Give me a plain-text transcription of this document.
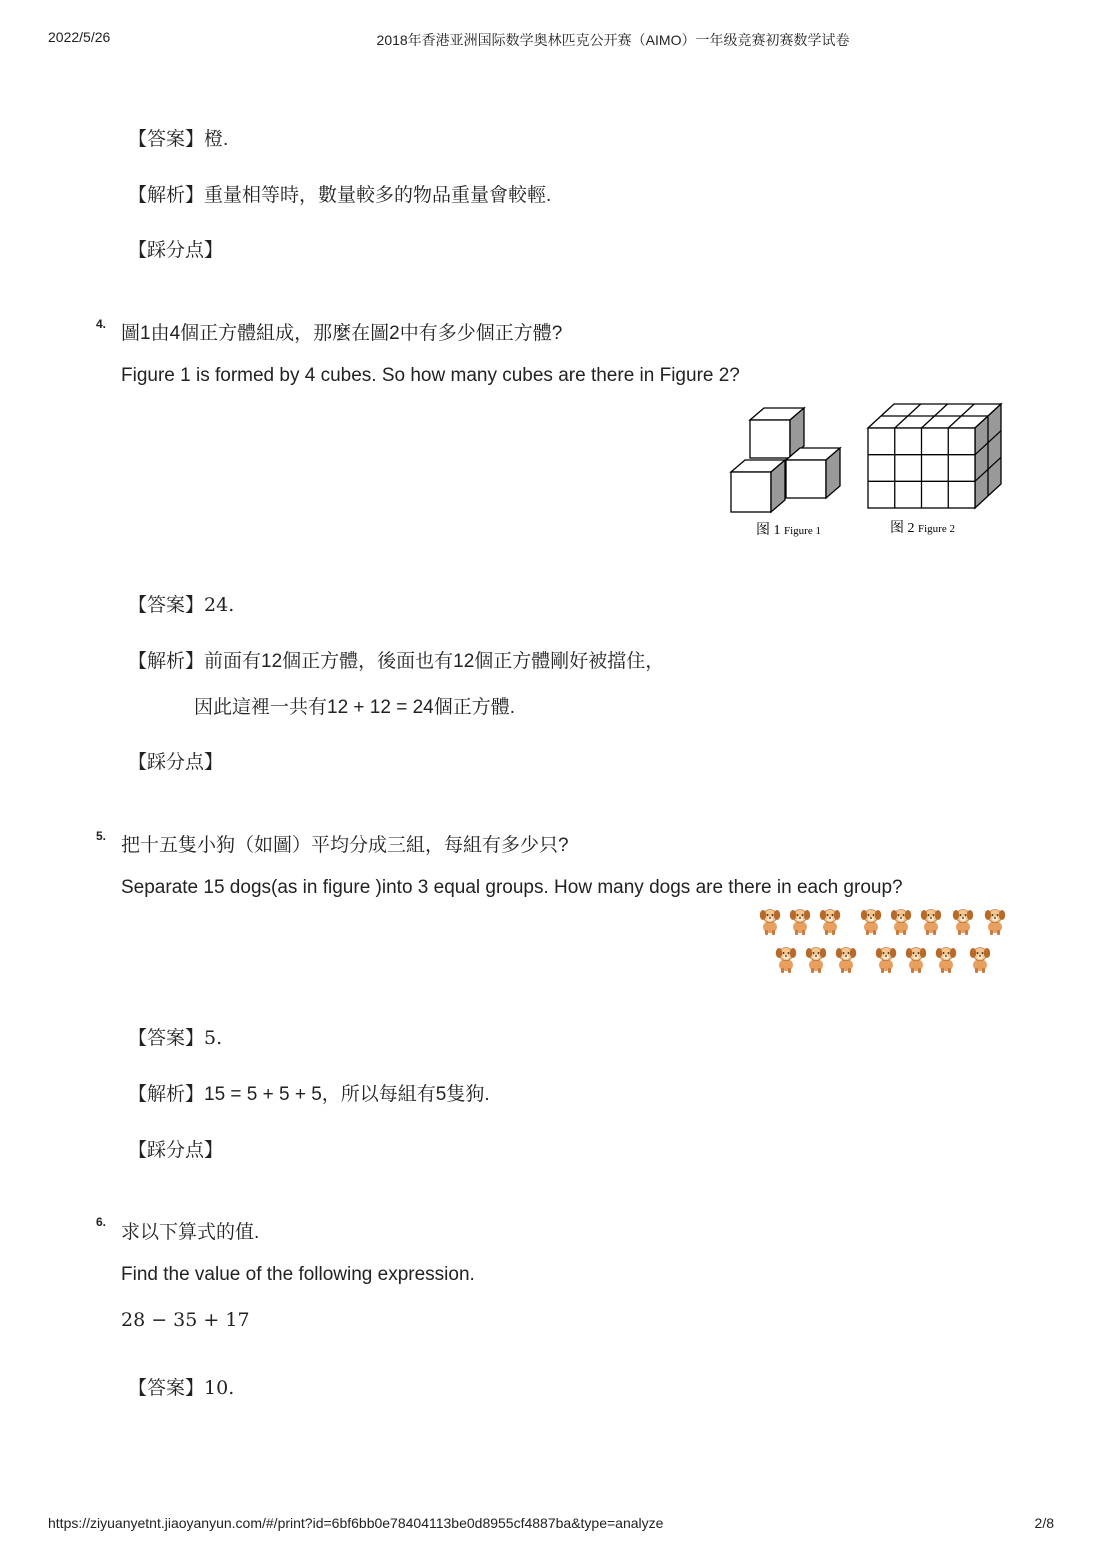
2022/5/26	2018年香港亚洲国际数学奥林匹克公开赛（AIMO）一年级竞赛初赛数学试卷
【答案】橙.
【解析】重量相等時，數量較多的物品重量會較輕.
【踩分点】
4. 圖1由4個正方體組成，那麼在圖2中有多少個正方體?
Figure 1 is formed by 4 cubes. So how many cubes are there in Figure 2?
图 1 Figure 1	图 2 Figure 2
【答案】24.
【解析】前面有12個正方體，後面也有12個正方體剛好被擋住，
因此這裡一共有12 + 12 = 24個正方體.
【踩分点】
5. 把十五隻小狗（如圖）平均分成三組，每組有多少只?
Separate 15 dogs(as in figure )into 3 equal groups. How many dogs are there in each group?
【答案】5.
【解析】15 = 5 + 5 + 5，所以每組有5隻狗.
【踩分点】
6. 求以下算式的值.
Find the value of the following expression.
28 − 35 + 17
【答案】10.
https://ziyuanyetnt.jiaoyanyun.com/#/print?id=6bf6bb0e78404113be0d8955cf4887ba&type=analyze	2/8
